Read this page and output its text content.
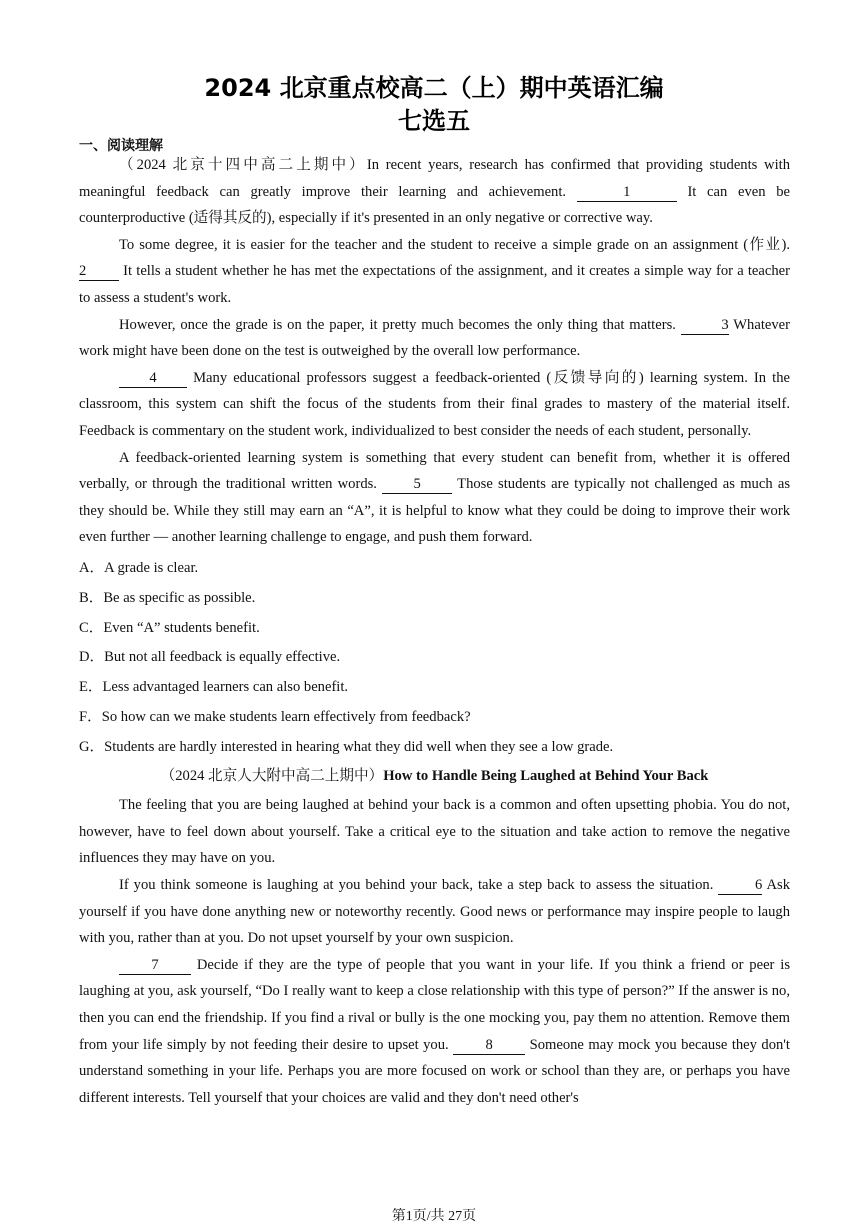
2024 北京重点校高二（上）期中英语汇编
七选五
一、阅读理解

（2024 北京十四中高二上期中）In recent years, research has confirmed that providing students with meaningful feedback can greatly improve their learning and achievement.	1	It can even be counterproductive (适得其反的), especially if it's presented in an only negative or corrective way.

To some degree, it is easier for the teacher and the student to receive a simple grade on an assignment (作业). 2 It tells a student whether he has met the expectations of the assignment, and it creates a simple way for a teacher to assess a student's work.

However, once the grade is on the paper, it pretty much becomes the only thing that matters.	3 Whatever work might have been done on the test is outweighed by the overall low performance.

4 Many educational professors suggest a feedback-oriented (反馈导向的) learning system. In the classroom, this system can shift the focus of the students from their final grades to mastery of the material itself. Feedback is commentary on the student work, individualized to best consider the needs of each student, personally.

A feedback-oriented learning system is something that every student can benefit from, whether it is offered verbally, or through the traditional written words. 5 Those students are typically not challenged as much as they should be. While they still may earn an “A”, it is helpful to know what they could be doing to improve their work even further — another learning challenge to engage, and push them forward.

A．A grade is clear.

B．Be as specific as possible.

C．Even “A” students benefit.

D．But not all feedback is equally effective.

E．Less advantaged learners can also benefit.

F．So how can we make students learn effectively from feedback?

G．Students are hardly interested in hearing what they did well when they see a low grade.

（2024 北京人大附中高二上期中）How to Handle Being Laughed at Behind Your Back

The feeling that you are being laughed at behind your back is a common and often upsetting phobia. You do not, however, have to feel down about yourself. Take a critical eye to the situation and take action to remove the negative influences they may have on you.

If you think someone is laughing at you behind your back, take a step back to assess the situation.	6 Ask yourself if you have done anything new or noteworthy recently. Good news or performance may inspire people to laugh with you, rather than at you. Do not upset yourself by your own suspicion.

7 Decide if they are the type of people that you want in your life. If you think a friend or peer is laughing at you, ask yourself, “Do I really want to keep a close relationship with this type of person?” If the answer is no, then you can end the friendship. If you find a rival or bully is the one mocking you, pay them no attention. Remove them from your life simply by not feeding their desire to upset you. 8 Someone may mock you because they don't understand something in your life. Perhaps you are more focused on work or school than they are, or perhaps you have different interests. Tell yourself that your choices are valid and they don't need other's

第1页/共 27页
